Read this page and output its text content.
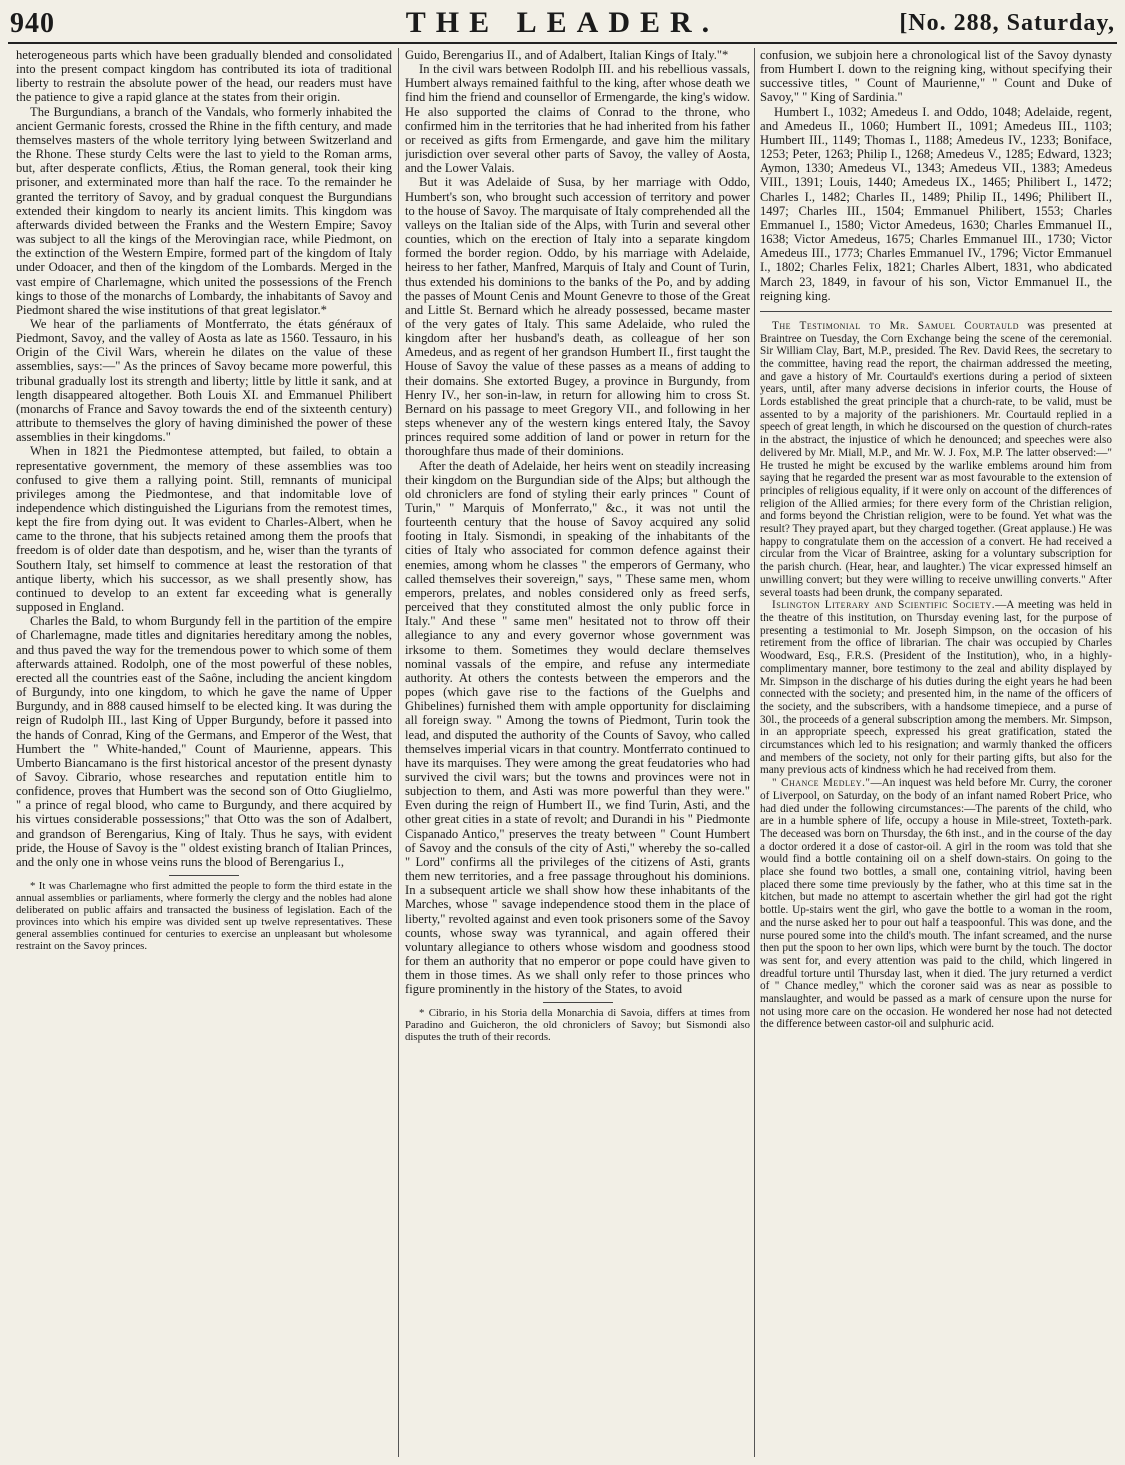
940	THE LEADER.	[No. 288, Saturday,

heterogeneous parts which have been gradually blended and consolidated into the present compact kingdom has contributed its iota of traditional liberty to restrain the absolute power of the head, our readers must have the patience to give a rapid glance at the states from their origin.

The Burgundians, a branch of the Vandals, who formerly inhabited the ancient Germanic forests, crossed the Rhine in the fifth century, and made themselves masters of the whole territory lying between Switzerland and the Rhone. These sturdy Celts were the last to yield to the Roman arms, but, after desperate conflicts, Ætius, the Roman general, took their king prisoner, and exterminated more than half the race. To the remainder he granted the territory of Savoy, and by gradual conquest the Burgundians extended their kingdom to nearly its ancient limits. This kingdom was afterwards divided between the Franks and the Western Empire; Savoy was subject to all the kings of the Merovingian race, while Piedmont, on the extinction of the Western Empire, formed part of the kingdom of Italy under Odoacer, and then of the kingdom of the Lombards. Merged in the vast empire of Charlemagne, which united the possessions of the French kings to those of the monarchs of Lombardy, the inhabitants of Savoy and Piedmont shared the wise institutions of that great legislator.*

We hear of the parliaments of Montferrato, the états généraux of Piedmont, Savoy, and the valley of Aosta as late as 1560. Tessauro, in his Origin of the Civil Wars, wherein he dilates on the value of these assemblies, says:—" As the princes of Savoy became more powerful, this tribunal gradually lost its strength and liberty; little by little it sank, and at length disappeared altogether. Both Louis XI. and Emmanuel Philibert (monarchs of France and Savoy towards the end of the sixteenth century) attribute to themselves the glory of having diminished the power of these assemblies in their kingdoms."

When in 1821 the Piedmontese attempted, but failed, to obtain a representative government, the memory of these assemblies was too confused to give them a rallying point. Still, remnants of municipal privileges among the Piedmontese, and that indomitable love of independence which distinguished the Ligurians from the remotest times, kept the fire from dying out. It was evident to Charles-Albert, when he came to the throne, that his subjects retained among them the proofs that freedom is of older date than despotism, and he, wiser than the tyrants of Southern Italy, set himself to commence at least the restoration of that antique liberty, which his successor, as we shall presently show, has continued to develop to an extent far exceeding what is generally supposed in England.

Charles the Bald, to whom Burgundy fell in the partition of the empire of Charlemagne, made titles and dignitaries hereditary among the nobles, and thus paved the way for the tremendous power to which some of them afterwards attained. Rodolph, one of the most powerful of these nobles, erected all the countries east of the Saône, including the ancient kingdom of Burgundy, into one kingdom, to which he gave the name of Upper Burgundy, and in 888 caused himself to be elected king. It was during the reign of Rudolph III., last King of Upper Burgundy, before it passed into the hands of Conrad, King of the Germans, and Emperor of the West, that Humbert the " White-handed," Count of Maurienne, appears. This Umberto Biancamano is the first historical ancestor of the present dynasty of Savoy. Cibrario, whose researches and reputation entitle him to confidence, proves that Humbert was the second son of Otto Giuglielmo, " a prince of regal blood, who came to Burgundy, and there acquired by his virtues considerable possessions;" that Otto was the son of Adalbert, and grandson of Berengarius, King of Italy. Thus he says, with evident pride, the House of Savoy is the " oldest existing branch of Italian Princes, and the only one in whose veins runs the blood of Berengarius I.,

* It was Charlemagne who first admitted the people to form the third estate in the annual assemblies or parliaments, where formerly the clergy and the nobles had alone deliberated on public affairs and transacted the business of legislation. Each of the provinces into which his empire was divided sent up twelve representatives. These general assemblies continued for centuries to exercise an unpleasant but wholesome restraint on the Savoy princes.

Guido, Berengarius II., and of Adalbert, Italian Kings of Italy."*

In the civil wars between Rodolph III. and his rebellious vassals, Humbert always remained faithful to the king, after whose death we find him the friend and counsellor of Ermengarde, the king's widow. He also supported the claims of Conrad to the throne, who confirmed him in the territories that he had inherited from his father or received as gifts from Ermengarde, and gave him the military jurisdiction over several other parts of Savoy, the valley of Aosta, and the Lower Valais.

But it was Adelaide of Susa, by her marriage with Oddo, Humbert's son, who brought such accession of territory and power to the house of Savoy. The marquisate of Italy comprehended all the valleys on the Italian side of the Alps, with Turin and several other counties, which on the erection of Italy into a separate kingdom formed the border region. Oddo, by his marriage with Adelaide, heiress to her father, Manfred, Marquis of Italy and Count of Turin, thus extended his dominions to the banks of the Po, and by adding the passes of Mount Cenis and Mount Genevre to those of the Great and Little St. Bernard which he already possessed, became master of the very gates of Italy. This same Adelaide, who ruled the kingdom after her husband's death, as colleague of her son Amedeus, and as regent of her grandson Humbert II., first taught the House of Savoy the value of these passes as a means of adding to their domains. She extorted Bugey, a province in Burgundy, from Henry IV., her son-in-law, in return for allowing him to cross St. Bernard on his passage to meet Gregory VII., and following in her steps whenever any of the western kings entered Italy, the Savoy princes required some addition of land or power in return for the thoroughfare thus made of their dominions.

After the death of Adelaide, her heirs went on steadily increasing their kingdom on the Burgundian side of the Alps; but although the old chroniclers are fond of styling their early princes " Count of Turin," " Marquis of Monferrato," &c., it was not until the fourteenth century that the house of Savoy acquired any solid footing in Italy. Sismondi, in speaking of the inhabitants of the cities of Italy who associated for common defence against their enemies, among whom he classes " the emperors of Germany, who called themselves their sovereign," says, " These same men, whom emperors, prelates, and nobles considered only as freed serfs, perceived that they constituted almost the only public force in Italy." And these " same men" hesitated not to throw off their allegiance to any and every governor whose government was irksome to them. Sometimes they would declare themselves nominal vassals of the empire, and refuse any intermediate authority. At others the contests between the emperors and the popes (which gave rise to the factions of the Guelphs and Ghibelines) furnished them with ample opportunity for disclaiming all foreign sway. " Among the towns of Piedmont, Turin took the lead, and disputed the authority of the Counts of Savoy, who called themselves imperial vicars in that country. Montferrato continued to have its marquises. They were among the great feudatories who had survived the civil wars; but the towns and provinces were not in subjection to them, and Asti was more powerful than they were." Even during the reign of Humbert II., we find Turin, Asti, and the other great cities in a state of revolt; and Durandi in his " Piedmonte Cispanado Antico," preserves the treaty between " Count Humbert of Savoy and the consuls of the city of Asti," whereby the so-called " Lord" confirms all the privileges of the citizens of Asti, grants them new territories, and a free passage throughout his dominions. In a subsequent article we shall show how these inhabitants of the Marches, whose " savage independence stood them in the place of liberty," revolted against and even took prisoners some of the Savoy counts, whose sway was tyrannical, and again offered their voluntary allegiance to others whose wisdom and goodness stood for them an authority that no emperor or pope could have given to them in those times. As we shall only refer to those princes who figure prominently in the history of the States, to avoid

* Cibrario, in his Storia della Monarchia di Savoia, differs at times from Paradino and Guicheron, the old chroniclers of Savoy; but Sismondi also disputes the truth of their records.

confusion, we subjoin here a chronological list of the Savoy dynasty from Humbert I. down to the reigning king, without specifying their successive titles, " Count of Maurienne," " Count and Duke of Savoy," " King of Sardinia."

Humbert I., 1032; Amedeus I. and Oddo, 1048; Adelaide, regent, and Amedeus II., 1060; Humbert II., 1091; Amedeus III., 1103; Humbert III., 1149; Thomas I., 1188; Amedeus IV., 1233; Boniface, 1253; Peter, 1263; Philip I., 1268; Amedeus V., 1285; Edward, 1323; Aymon, 1330; Amedeus VI., 1343; Amedeus VII., 1383; Amedeus VIII., 1391; Louis, 1440; Amedeus IX., 1465; Philibert I., 1472; Charles I., 1482; Charles II., 1489; Philip II., 1496; Philibert II., 1497; Charles III., 1504; Emmanuel Philibert, 1553; Charles Emmanuel I., 1580; Victor Amedeus, 1630; Charles Emmanuel II., 1638; Victor Amedeus, 1675; Charles Emmanuel III., 1730; Victor Amedeus III., 1773; Charles Emmanuel IV., 1796; Victor Emmanuel I., 1802; Charles Felix, 1821; Charles Albert, 1831, who abdicated March 23, 1849, in favour of his son, Victor Emmanuel II., the reigning king.

The Testimonial to Mr. Samuel Courtauld was presented at Braintree on Tuesday, the Corn Exchange being the scene of the ceremonial. Sir William Clay, Bart, M.P., presided. The Rev. David Rees, the secretary to the committee, having read the report, the chairman addressed the meeting, and gave a history of Mr. Courtauld's exertions during a period of sixteen years, until, after many adverse decisions in inferior courts, the House of Lords established the great principle that a church-rate, to be valid, must be assented to by a majority of the parishioners. Mr. Courtauld replied in a speech of great length, in which he discoursed on the question of church-rates in the abstract, the injustice of which he denounced; and speeches were also delivered by Mr. Miall, M.P., and Mr. W. J. Fox, M.P. The latter observed:—" He trusted he might be excused by the warlike emblems around him from saying that he regarded the present war as most favourable to the extension of principles of religious equality, if it were only on account of the differences of religion of the Allied armies; for there every form of the Christian religion, and forms beyond the Christian religion, were to be found. Yet what was the result? They prayed apart, but they charged together. (Great applause.) He was happy to congratulate them on the accession of a convert. He had received a circular from the Vicar of Braintree, asking for a voluntary subscription for the parish church. (Hear, hear, and laughter.) The vicar expressed himself an unwilling convert; but they were willing to receive unwilling converts." After several toasts had been drunk, the company separated.

Islington Literary and Scientific Society.—A meeting was held in the theatre of this institution, on Thursday evening last, for the purpose of presenting a testimonial to Mr. Joseph Simpson, on the occasion of his retirement from the office of librarian. The chair was occupied by Charles Woodward, Esq., F.R.S. (President of the Institution), who, in a highly-complimentary manner, bore testimony to the zeal and ability displayed by Mr. Simpson in the discharge of his duties during the eight years he had been connected with the society; and presented him, in the name of the officers of the society, and the subscribers, with a handsome timepiece, and a purse of 30l., the proceeds of a general subscription among the members. Mr. Simpson, in an appropriate speech, expressed his great gratification, stated the circumstances which led to his resignation; and warmly thanked the officers and members of the society, not only for their parting gifts, but also for the many previous acts of kindness which he had received from them.

" Chance Medley."—An inquest was held before Mr. Curry, the coroner of Liverpool, on Saturday, on the body of an infant named Robert Price, who had died under the following circumstances:—The parents of the child, who are in a humble sphere of life, occupy a house in Mile-street, Toxteth-park. The deceased was born on Thursday, the 6th inst., and in the course of the day a doctor ordered it a dose of castor-oil. A girl in the room was told that she would find a bottle containing oil on a shelf down-stairs. On going to the place she found two bottles, a small one, containing vitriol, having been placed there some time previously by the father, who at this time sat in the kitchen, but made no attempt to ascertain whether the girl had got the right bottle. Up-stairs went the girl, who gave the bottle to a woman in the room, and the nurse asked her to pour out half a teaspoonful. This was done, and the nurse poured some into the child's mouth. The infant screamed, and the nurse then put the spoon to her own lips, which were burnt by the touch. The doctor was sent for, and every attention was paid to the child, which lingered in dreadful torture until Thursday last, when it died. The jury returned a verdict of " Chance medley," which the coroner said was as near as possible to manslaughter, and would be passed as a mark of censure upon the nurse for not using more care on the occasion. He wondered her nose had not detected the difference between castor-oil and sulphuric acid.
